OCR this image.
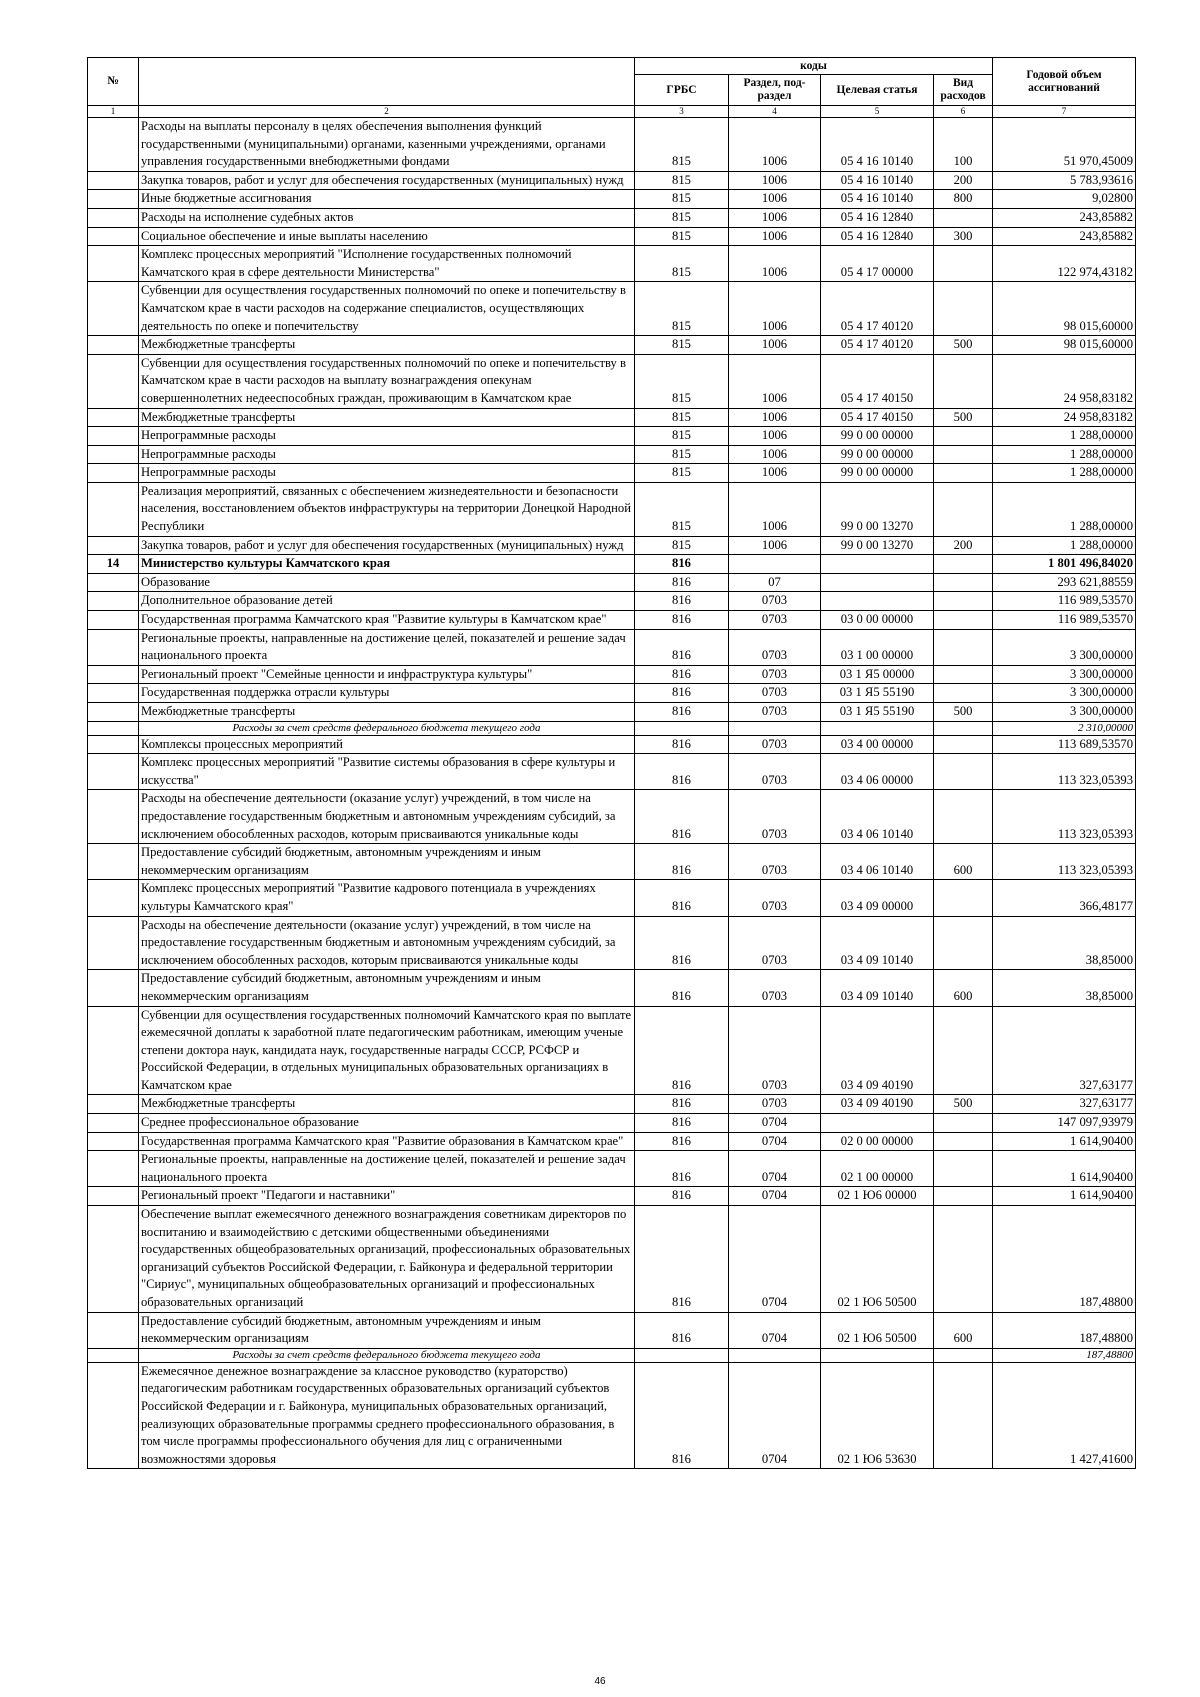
№		коды				Годовой объем ассигнований
		ГРБС	Раздел, под-раздел	Целевая статья	Вид расходов	
1	2	3	4	5	6	7
	Расходы на выплаты персоналу в целях обеспечения выполнения функций государственными (муниципальными) органами, казенными учреждениями, органами управления государственными внебюджетными фондами	815	1006	05 4 16 10140	100	51 970,45009
	Закупка товаров, работ и услуг для обеспечения государственных (муниципальных) нужд	815	1006	05 4 16 10140	200	5 783,93616
	Иные бюджетные ассигнования	815	1006	05 4 16 10140	800	9,02800
	Расходы на исполнение судебных актов	815	1006	05 4 16 12840		243,85882
	Социальное обеспечение и иные выплаты населению	815	1006	05 4 16 12840	300	243,85882
	Комплекс процессных мероприятий "Исполнение государственных полномочий Камчатского края в сфере деятельности Министерства"	815	1006	05 4 17 00000		122 974,43182
	Субвенции для осуществления государственных полномочий по опеке и попечительству в Камчатском крае в части расходов на содержание специалистов, осуществляющих деятельность по опеке и попечительству	815	1006	05 4 17 40120		98 015,60000
	Межбюджетные трансферты	815	1006	05 4 17 40120	500	98 015,60000
	Субвенции для осуществления государственных полномочий по опеке и попечительству в Камчатском крае в части расходов на выплату вознаграждения опекунам совершеннолетних недееспособных граждан, проживающим в Камчатском крае	815	1006	05 4 17 40150		24 958,83182
	Межбюджетные трансферты	815	1006	05 4 17 40150	500	24 958,83182
	Непрограммные расходы	815	1006	99 0 00 00000		1 288,00000
	Непрограммные расходы	815	1006	99 0 00 00000		1 288,00000
	Непрограммные расходы	815	1006	99 0 00 00000		1 288,00000
	Реализация мероприятий, связанных с обеспечением жизнедеятельности и безопасности населения, восстановлением объектов инфраструктуры на территории Донецкой Народной Республики	815	1006	99 0 00 13270		1 288,00000
	Закупка товаров, работ и услуг для обеспечения государственных (муниципальных) нужд	815	1006	99 0 00 13270	200	1 288,00000
14	Министерство культуры Камчатского края	816				1 801 496,84020
	Образование	816	07			293 621,88559
	Дополнительное образование детей	816	0703			116 989,53570
	Государственная программа Камчатского края "Развитие культуры в Камчатском крае"	816	0703	03 0 00 00000		116 989,53570
	Региональные проекты, направленные на достижение целей, показателей и решение задач национального проекта	816	0703	03 1 00 00000		3 300,00000
	Региональный проект "Семейные ценности и инфраструктура культуры"	816	0703	03 1 Я5 00000		3 300,00000
	Государственная поддержка отрасли культуры	816	0703	03 1 Я5 55190		3 300,00000
	Межбюджетные трансферты	816	0703	03 1 Я5 55190	500	3 300,00000
	Расходы за счет средств федерального бюджета текущего года					2 310,00000
	Комплексы процессных мероприятий	816	0703	03 4 00 00000		113 689,53570
	Комплекс процессных мероприятий "Развитие системы образования в сфере культуры и искусства"	816	0703	03 4 06 00000		113 323,05393
	Расходы на обеспечение деятельности (оказание услуг) учреждений, в том числе на предоставление государственным бюджетным и автономным учреждениям субсидий, за исключением обособленных расходов, которым присваиваются уникальные коды	816	0703	03 4 06 10140		113 323,05393
	Предоставление субсидий бюджетным, автономным учреждениям и иным некоммерческим организациям	816	0703	03 4 06 10140	600	113 323,05393
	Комплекс процессных мероприятий "Развитие кадрового потенциала в учреждениях культуры Камчатского края"	816	0703	03 4 09 00000		366,48177
	Расходы на обеспечение деятельности (оказание услуг) учреждений, в том числе на предоставление государственным бюджетным и автономным учреждениям субсидий, за исключением обособленных расходов, которым присваиваются уникальные коды	816	0703	03 4 09 10140		38,85000
	Предоставление субсидий бюджетным, автономным учреждениям и иным некоммерческим организациям	816	0703	03 4 09 10140	600	38,85000
	Субвенции для осуществления государственных полномочий Камчатского края по выплате ежемесячной доплаты к заработной плате педагогическим работникам, имеющим ученые степени доктора наук, кандидата наук, государственные награды СССР, РСФСР и Российской Федерации, в отдельных муниципальных образовательных организациях в Камчатском крае	816	0703	03 4 09 40190		327,63177
	Межбюджетные трансферты	816	0703	03 4 09 40190	500	327,63177
	Среднее профессиональное образование	816	0704			147 097,93979
	Государственная программа Камчатского края "Развитие образования в Камчатском крае"	816	0704	02 0 00 00000		1 614,90400
	Региональные проекты, направленные на достижение целей, показателей и решение задач национального проекта	816	0704	02 1 00 00000		1 614,90400
	Региональный проект "Педагоги и наставники"	816	0704	02 1 Ю6 00000		1 614,90400
	Обеспечение выплат ежемесячного денежного вознаграждения советникам директоров по воспитанию и взаимодействию с детскими общественными объединениями государственных общеобразовательных организаций, профессиональных образовательных организаций субъектов Российской Федерации, г. Байконура и федеральной территории "Сириус", муниципальных общеобразовательных организаций и профессиональных образовательных организаций	816	0704	02 1 Ю6 50500		187,48800
	Предоставление субсидий бюджетным, автономным учреждениям и иным некоммерческим организациям	816	0704	02 1 Ю6 50500	600	187,48800
	Расходы за счет средств федерального бюджета текущего года					187,48800
	Ежемесячное денежное вознаграждение за классное руководство (кураторство) педагогическим работникам государственных образовательных организаций субъектов Российской Федерации и г. Байконура, муниципальных образовательных организаций, реализующих образовательные программы среднего профессионального образования, в том числе программы профессионального обучения для лиц с ограниченными возможностями здоровья	816	0704	02 1 Ю6 53630		1 427,41600
46
